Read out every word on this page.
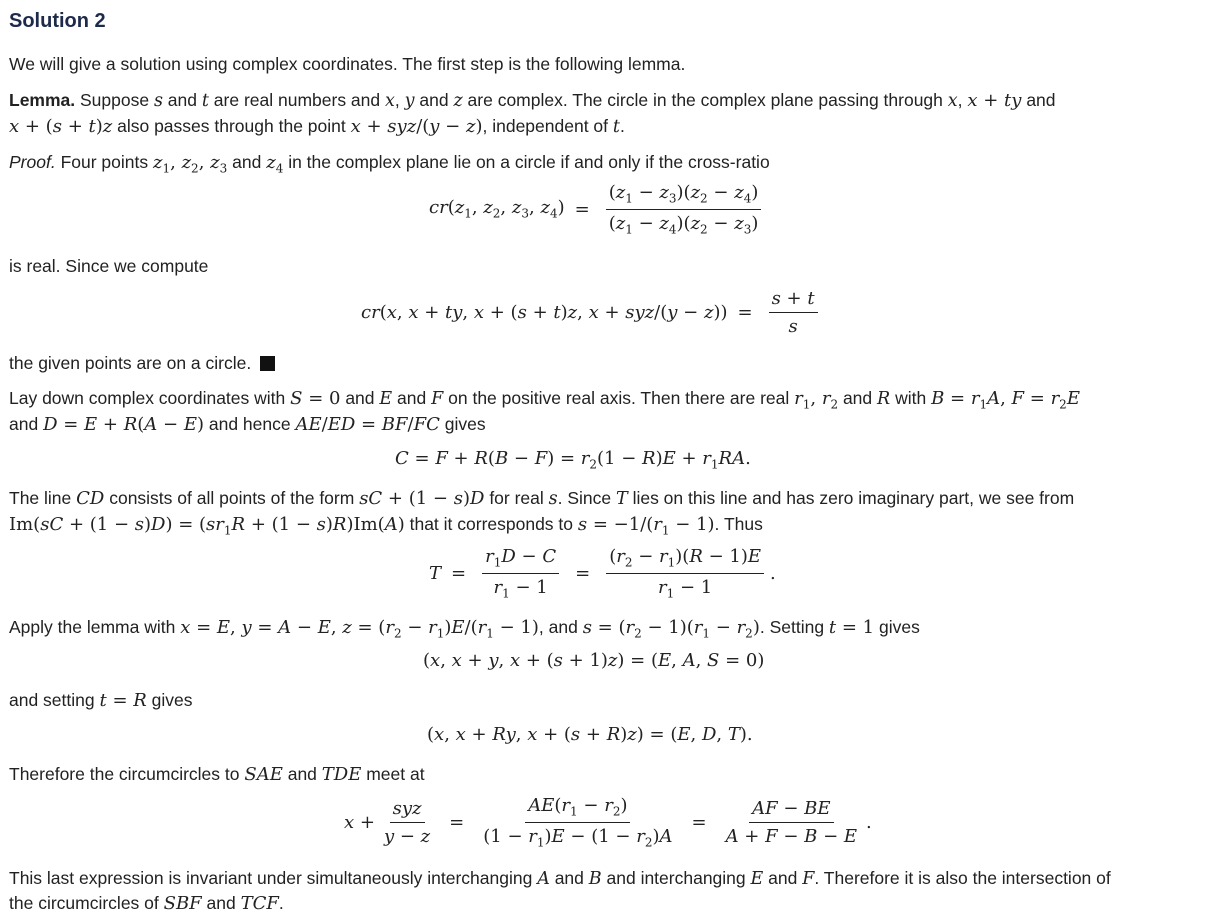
Solution 2
We will give a solution using complex coordinates. The first step is the following lemma.
Lemma. Suppose s and t are real numbers and x, y and z are complex. The circle in the complex plane passing through x, x + ty and
x + (s + t)z also passes through the point x + syz/(y − z), independent of t.
Proof. Four points $z_1$, $z_2$, $z_3$ and $z_4$ in the complex plane lie on a circle if and only if the cross-ratio
$cr(z_1$, $z_2$, $z_3$, $z_4) = \frac{(z_1 - z_3)(z_2 - z_4)}{(z_1 - z_4)(z_2 - z_3)}$
is real. Since we compute
cr(x, x + ty, x + (s + t)z, $x + syz/(y - z)) = \frac{s + t}{s}$
the given points are on a circle.
Lay down complex coordinates with S = 0 and E and F on the positive real axis. Then there are real $r_1$, $r_2$ and R with $B = r_1A$, $F = r_2E$
and D = E + R(A − E) and hence AE/ED = BF/FC gives
$C = F + R(B - F) = r_2(1 - R)E + r_1RA$.
The line CD consists of all points of the form sC + (1 − s)D for real s. Since T lies on this line and has zero imaginary part, we see from
$Im(sC + (1 - s)D) = (sr_1R + (1 - s)R)Im(A)$ that it corresponds to $s = -1/(r_1 - 1)$. Thus
$T = \frac{r_1D - C}{r_1 - 1} = \frac{(r_2 - r_1)(R - 1)E}{r_1 - 1}$ .
Apply the lemma with x = E, y = A − E, $z = (r_2 - r_1)E/(r_1 - 1)$, and $s = (r_2 - 1)(r_1 - r_2)$. Setting t = 1 gives
(x, x + y, x + (s + 1)z) = (E, A, S = 0)
and setting t = R gives
(x, x + Ry, x + (s + R)z) = (E, D, T).
Therefore the circumcircles to SAE and TDE meet at
$x + \frac{\text{syz}}{y - z} = \frac{AE(r_1 - r_2)}{(1 - r_1)E - (1 - r_2)A} = \frac{AF - BE}{A + F - B - E}$ .
This last expression is invariant under simultaneously interchanging A and B and interchanging E and F. Therefore it is also the intersection of
the circumcircles of SBF and TCF.
